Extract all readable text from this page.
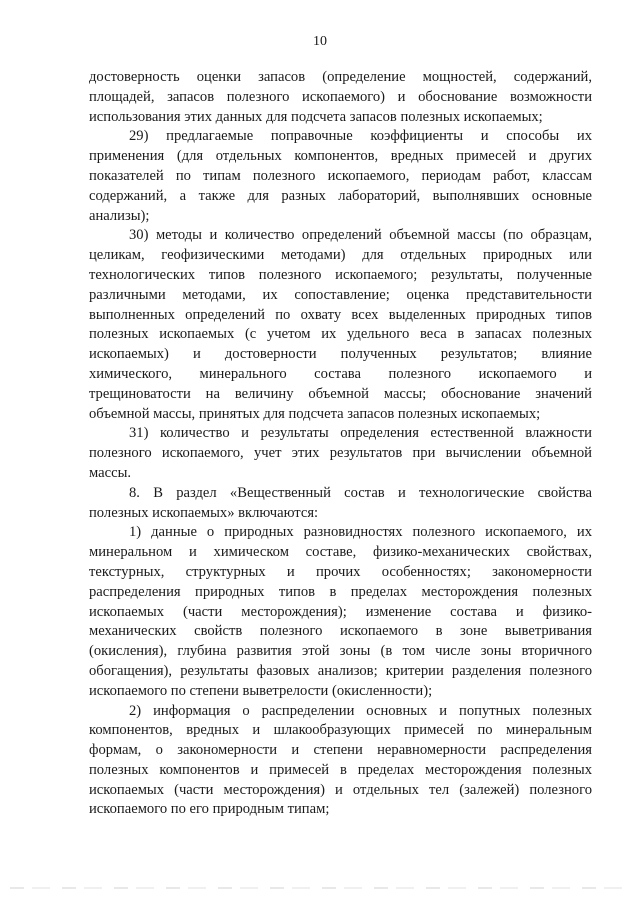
10
достоверность оценки запасов (определение мощностей, содержаний,
площадей, запасов полезного ископаемого) и обоснование возможности
использования этих данных для подсчета запасов полезных ископаемых;
29) предлагаемые поправочные коэффициенты и способы их
применения (для отдельных компонентов, вредных примесей и других
показателей по типам полезного ископаемого, периодам работ, классам
содержаний, а также для разных лабораторий, выполнявших основные
анализы);
30) методы и количество определений объемной массы (по образцам,
целикам, геофизическими методами) для отдельных природных или
технологических типов полезного ископаемого; результаты, полученные
различными методами, их сопоставление; оценка представительности
выполненных определений по охвату всех выделенных природных типов
полезных ископаемых (с учетом их удельного веса в запасах полезных
ископаемых) и достоверности полученных результатов; влияние
химического, минерального состава полезного ископаемого и
трещиноватости на величину объемной массы; обоснование значений
объемной массы, принятых для подсчета запасов полезных ископаемых;
31) количество и результаты определения естественной влажности
полезного ископаемого, учет этих результатов при вычислении объемной
массы.
8. В раздел «Вещественный состав и технологические свойства
полезных ископаемых» включаются:
1) данные о природных разновидностях полезного ископаемого, их
минеральном и химическом составе, физико-механических свойствах,
текстурных, структурных и прочих особенностях; закономерности
распределения природных типов в пределах месторождения полезных
ископаемых (части месторождения); изменение состава и физико-
механических свойств полезного ископаемого в зоне выветривания
(окисления), глубина развития этой зоны (в том числе зоны вторичного
обогащения), результаты фазовых анализов; критерии разделения полезного
ископаемого по степени выветрелости (окисленности);
2) информация о распределении основных и попутных полезных
компонентов, вредных и шлакообразующих примесей по минеральным
формам, о закономерности и степени неравномерности распределения
полезных компонентов и примесей в пределах месторождения полезных
ископаемых (части месторождения) и отдельных тел (залежей) полезного
ископаемого по его природным типам;
